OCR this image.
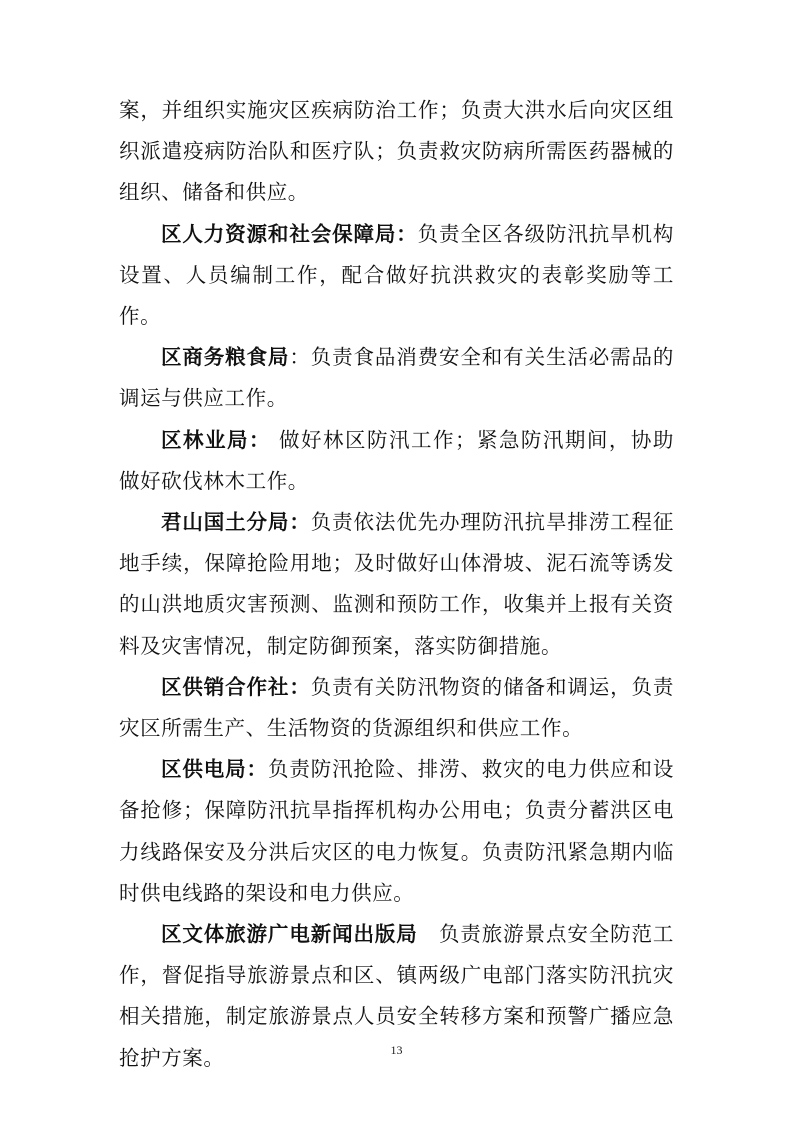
案，并组织实施灾区疾病防治工作；负责大洪水后向灾区组织派遣疫病防治队和医疗队；负责救灾防病所需医药器械的组织、储备和供应。

区人力资源和社会保障局：负责全区各级防汛抗旱机构设置、人员编制工作，配合做好抗洪救灾的表彰奖励等工作。

区商务粮食局：负责食品消费安全和有关生活必需品的调运与供应工作。

区林业局： 做好林区防汛工作；紧急防汛期间，协助做好砍伐林木工作。

君山国土分局：负责依法优先办理防汛抗旱排涝工程征地手续，保障抢险用地；及时做好山体滑坡、泥石流等诱发的山洪地质灾害预测、监测和预防工作，收集并上报有关资料及灾害情况，制定防御预案，落实防御措施。

区供销合作社：负责有关防汛物资的储备和调运，负责灾区所需生产、生活物资的货源组织和供应工作。

区供电局：负责防汛抢险、排涝、救灾的电力供应和设备抢修；保障防汛抗旱指挥机构办公用电；负责分蓄洪区电力线路保安及分洪后灾区的电力恢复。负责防汛紧急期内临时供电线路的架设和电力供应。

区文体旅游广电新闻出版局　负责旅游景点安全防范工作，督促指导旅游景点和区、镇两级广电部门落实防汛抗灾相关措施，制定旅游景点人员安全转移方案和预警广播应急抢护方案。	13
